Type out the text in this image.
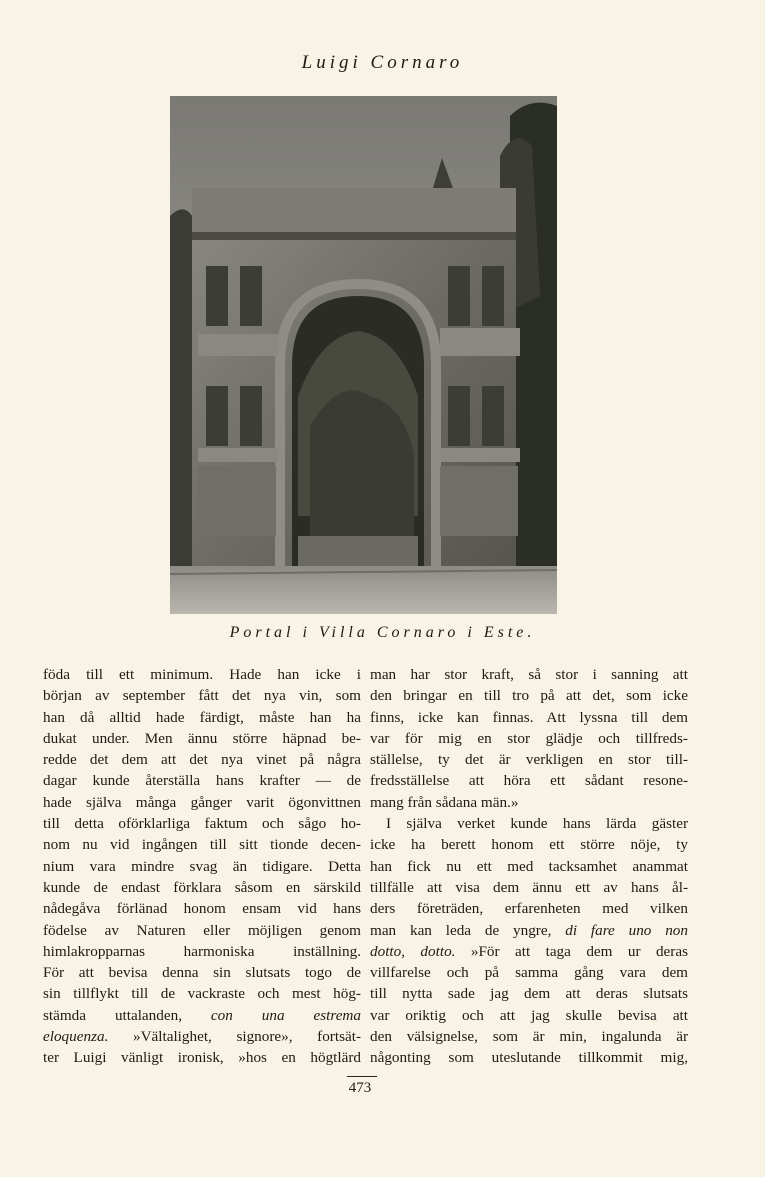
Luigi Cornaro
Portal i Villa Cornaro i Este.
föda till ett minimum. Hade han icke i
början av september fått det nya vin, som
han då alltid hade färdigt, måste han ha
dukat under. Men ännu större häpnad be-
redde det dem att det nya vinet på några
dagar kunde återställa hans krafter — de
hade själva många gånger varit ögonvittnen
till detta oförklarliga faktum och sågo ho-
nom nu vid ingången till sitt tionde decen-
nium vara mindre svag än tidigare. Detta
kunde de endast förklara såsom en särskild
nådegåva förlänad honom ensam vid hans
födelse av Naturen eller möjligen genom
himlakropparnas harmoniska inställning.
För att bevisa denna sin slutsats togo de
sin tillflykt till de vackraste och mest hög-
stämda uttalanden, con una estrema
eloquenza. »Vältalighet, signore», fortsät-
ter Luigi vänligt ironisk, »hos en högtlärd
man har stor kraft, så stor i sanning att
den bringar en till tro på att det, som icke
finns, icke kan finnas. Att lyssna till dem
var för mig en stor glädje och tillfreds-
ställelse, ty det är verkligen en stor till-
fredsställelse att höra ett sådant resone-
mang från sådana män.»
I själva verket kunde hans lärda gäster
icke ha berett honom ett större nöje, ty
han fick nu ett med tacksamhet anammat
tillfälle att visa dem ännu ett av hans ål-
ders företräden, erfarenheten med vilken
man kan leda de yngre, di fare uno non
dotto, dotto. »För att taga dem ur deras
villfarelse och på samma gång vara dem
till nytta sade jag dem att deras slutsats
var oriktig och att jag skulle bevisa att
den välsignelse, som är min, ingalunda är
någonting som uteslutande tillkommit mig,
473
